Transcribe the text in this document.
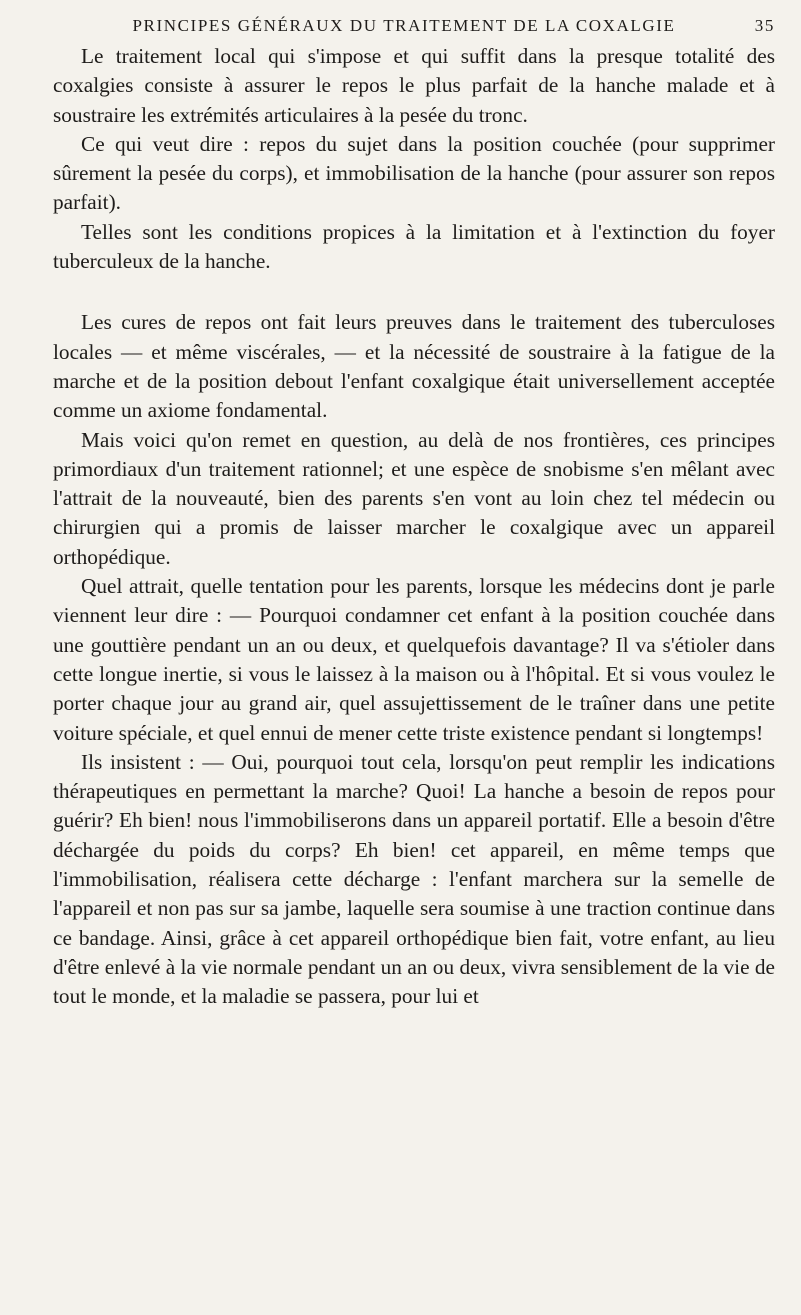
PRINCIPES GÉNÉRAUX DU TRAITEMENT DE LA COXALGIE	35

Le traitement local qui s'impose et qui suffit dans la presque totalité des coxalgies consiste à assurer le repos le plus parfait de la hanche malade et à soustraire les extrémités articulaires à la pesée du tronc.

Ce qui veut dire : repos du sujet dans la position couchée (pour supprimer sûrement la pesée du corps), et immobilisation de la hanche (pour assurer son repos parfait).

Telles sont les conditions propices à la limitation et à l'extinction du foyer tuberculeux de la hanche.

Les cures de repos ont fait leurs preuves dans le traitement des tuberculoses locales — et même viscérales, — et la nécessité de soustraire à la fatigue de la marche et de la position debout l'enfant coxalgique était universellement acceptée comme un axiome fondamental.

Mais voici qu'on remet en question, au delà de nos frontières, ces principes primordiaux d'un traitement rationnel; et une espèce de snobisme s'en mêlant avec l'attrait de la nouveauté, bien des parents s'en vont au loin chez tel médecin ou chirurgien qui a promis de laisser marcher le coxalgique avec un appareil orthopédique.

Quel attrait, quelle tentation pour les parents, lorsque les médecins dont je parle viennent leur dire : — Pourquoi condamner cet enfant à la position couchée dans une gouttière pendant un an ou deux, et quelquefois davantage? Il va s'étioler dans cette longue inertie, si vous le laissez à la maison ou à l'hôpital. Et si vous voulez le porter chaque jour au grand air, quel assujettissement de le traîner dans une petite voiture spéciale, et quel ennui de mener cette triste existence pendant si longtemps!

Ils insistent : — Oui, pourquoi tout cela, lorsqu'on peut remplir les indications thérapeutiques en permettant la marche? Quoi! La hanche a besoin de repos pour guérir? Eh bien! nous l'immobiliserons dans un appareil portatif. Elle a besoin d'être déchargée du poids du corps? Eh bien! cet appareil, en même temps que l'immobilisation, réalisera cette décharge : l'enfant marchera sur la semelle de l'appareil et non pas sur sa jambe, laquelle sera soumise à une traction continue dans ce bandage. Ainsi, grâce à cet appareil orthopédique bien fait, votre enfant, au lieu d'être enlevé à la vie normale pendant un an ou deux, vivra sensiblement de la vie de tout le monde, et la maladie se passera, pour lui et
